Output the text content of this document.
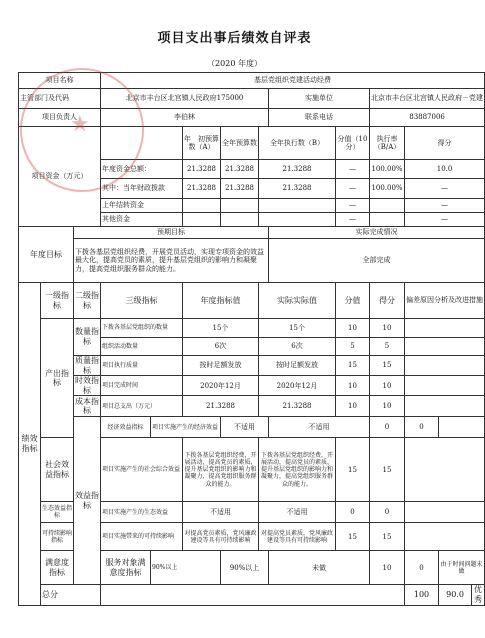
项目支出事后绩效自评表
（2020 年度）
项目名称			基层党组织党建活动经费										
主管部门及代码			北京市丰台区北宫镇人民政府175000					实施单位		北京市丰台区北宫镇人民政府－党建			
项目负责人			李伯林					联系电话		83887006			
项目资金（万元）					年　初预算数（A）	全年预算数	全年执行数（B）		分值（10分）	执行率（B/A）	得分		
			年度资金总额：		21.3288	21.3288	21.3288		—	100.00%	10.0		
			其中：当年财政拨款		21.3288	21.3288	21.3288		—	100.00%	—		
			上年结转资金						—		—		
			其他资金						—		—		
年度目标		预期目标						实际完成情况					
		下拨各基层党组织经费，开展党员活动，实现专项资金的效益最大化，提高党员的素质，提升基层党组织的影响力和凝聚力，提高党组织服务群众的能力。						全部完成					
绩效指标	一级指标	二级指标	三级指标		年度指标值		实际实际值		分值	得分	偏差原因分析及改进措施		
	产出指标	数量指标	下拨各基层党组织的数量		15个		15个		10	10			
			组织活动数量		6次		6次		5	5			
		质量指标	项目执行质量		按时足额发放		按时足额发放		15	15			
		时效指标	项目完成时间		2020年12月		2020年12月		10	10			
		成本指标	项目总支出（万元）		21.3288		21.3288		10	10			
		效益指标	经济效益指标	项目实施产生的经济效益		不适用		不适用		0	0		
	社会效益指标		项目实施产生的社会综合效益		下拨各基层党组织经费，开展活动，提高党员的素质，提升基层党组织的影响力和凝聚力，提高党组织服务群众的能力。		下拨各基层党组织经费，开展活动，提高党员的素质，提升基层党组织的影响力和凝聚力，提高党组织服务群众的能力。		15	15			
	生态效益指标		项目实施产生的生态效益		不适用		不适用		0	0			
	可持续影响指标		项目实施带来的可持续影响		对提高党员素质，党风廉政建设等具有可持续影响		对提高党员素质，党风廉政建设等具有可持续影响		15	15			
	满意度指标		服务对象满意度指标	90%以上		90%以上		未做		10	0	由于时间问题未做	
	总分										100	90.0	优秀
★
